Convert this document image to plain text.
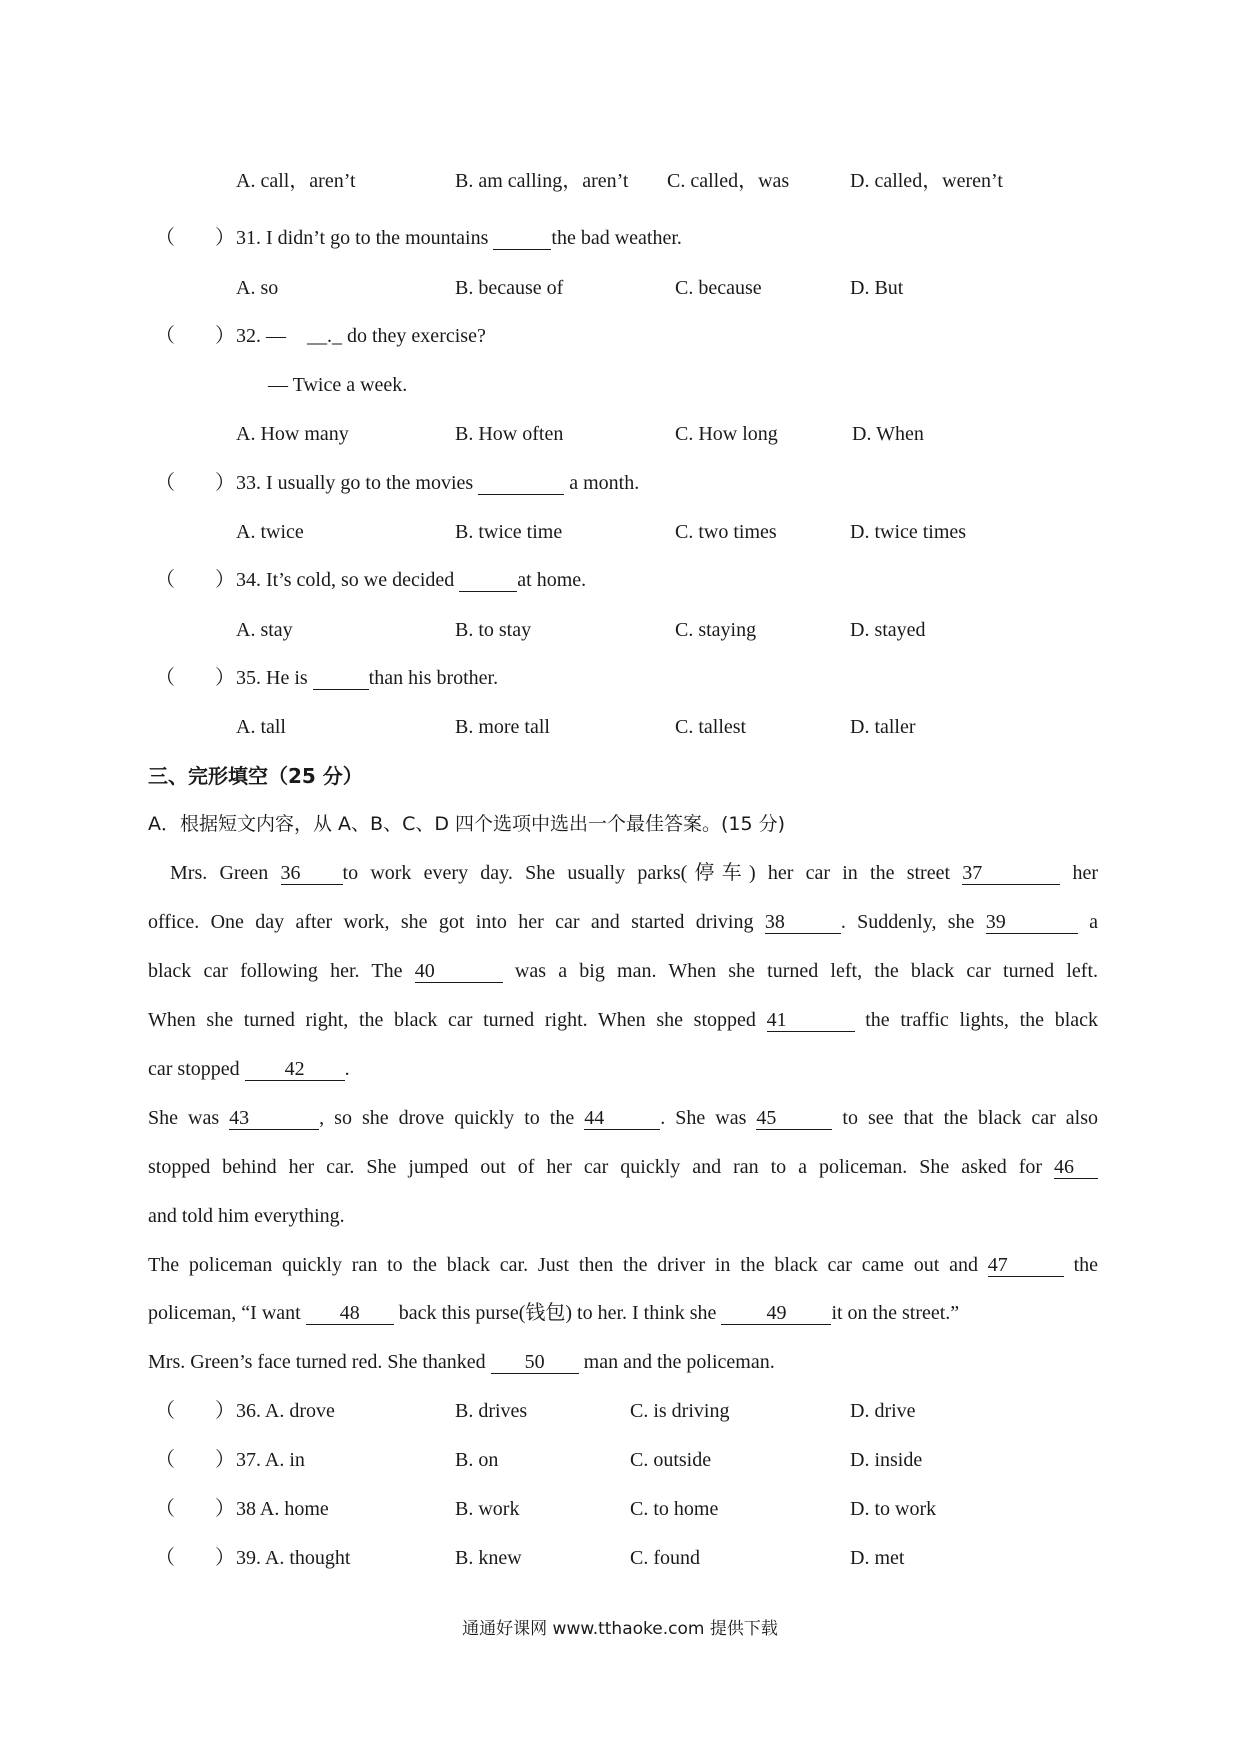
A. call，aren’t	B. am calling，aren’t C. called，was	D. called，weren’t
（　　） 31. I didn’t go to the mountains	the bad weather.
A. so	B. because of	C. because	D. But
（　　） 32. — __._ do they exercise?
— Twice a week.
A. How many	B. How often	C. How long	D. When
（　　） 33. I usually go to the movies	a month.
A. twice	B. twice time	C. two times	D. twice times
（　　） 34. It’s cold, so we decided	at home.
A. stay	B. to stay	C. staying	D. stayed
（　　） 35. He is	than his brother.
A. tall	B. more tall	C. tallest	D. taller
三、完形填空（25 分）
A．根据短文内容，从 A、B、C、D 四个选项中选出一个最佳答案。(15 分)
Mrs. Green 36 to work every day. She usually parks(停车) her car in the street 37	her
office. One day after work, she got into her car and started driving 38	. Suddenly, she 39	a
black car following her. The 40	was a big man. When she turned left, the black car turned left.
When she turned right, the black car turned right. When she stopped 41	the traffic lights, the black
car stopped 42 .
She was 43	, so she drove quickly to the 44	. She was 45	to see that the black car also
stopped behind her car. She jumped out of her car quickly and ran to a policeman. She asked for 46
and told him everything.
The policeman quickly ran to the black car. Just then the driver in the black car came out and 47	the
policeman, “I want 48 back this purse(钱包) to her. I think she 49 it on the street.”
Mrs. Green’s face turned red. She thanked 50 man and the policeman.
（　　） 36. A. drove	B. drives	C. is driving	D. drive
（　　） 37. A. in	B. on	C. outside	D. inside
（　　） 38 A. home	B. work	C. to home	D. to work
（　　） 39. A. thought	B. knew	C. found	D. met
通通好课网 www.tthaoke.com 提供下载
